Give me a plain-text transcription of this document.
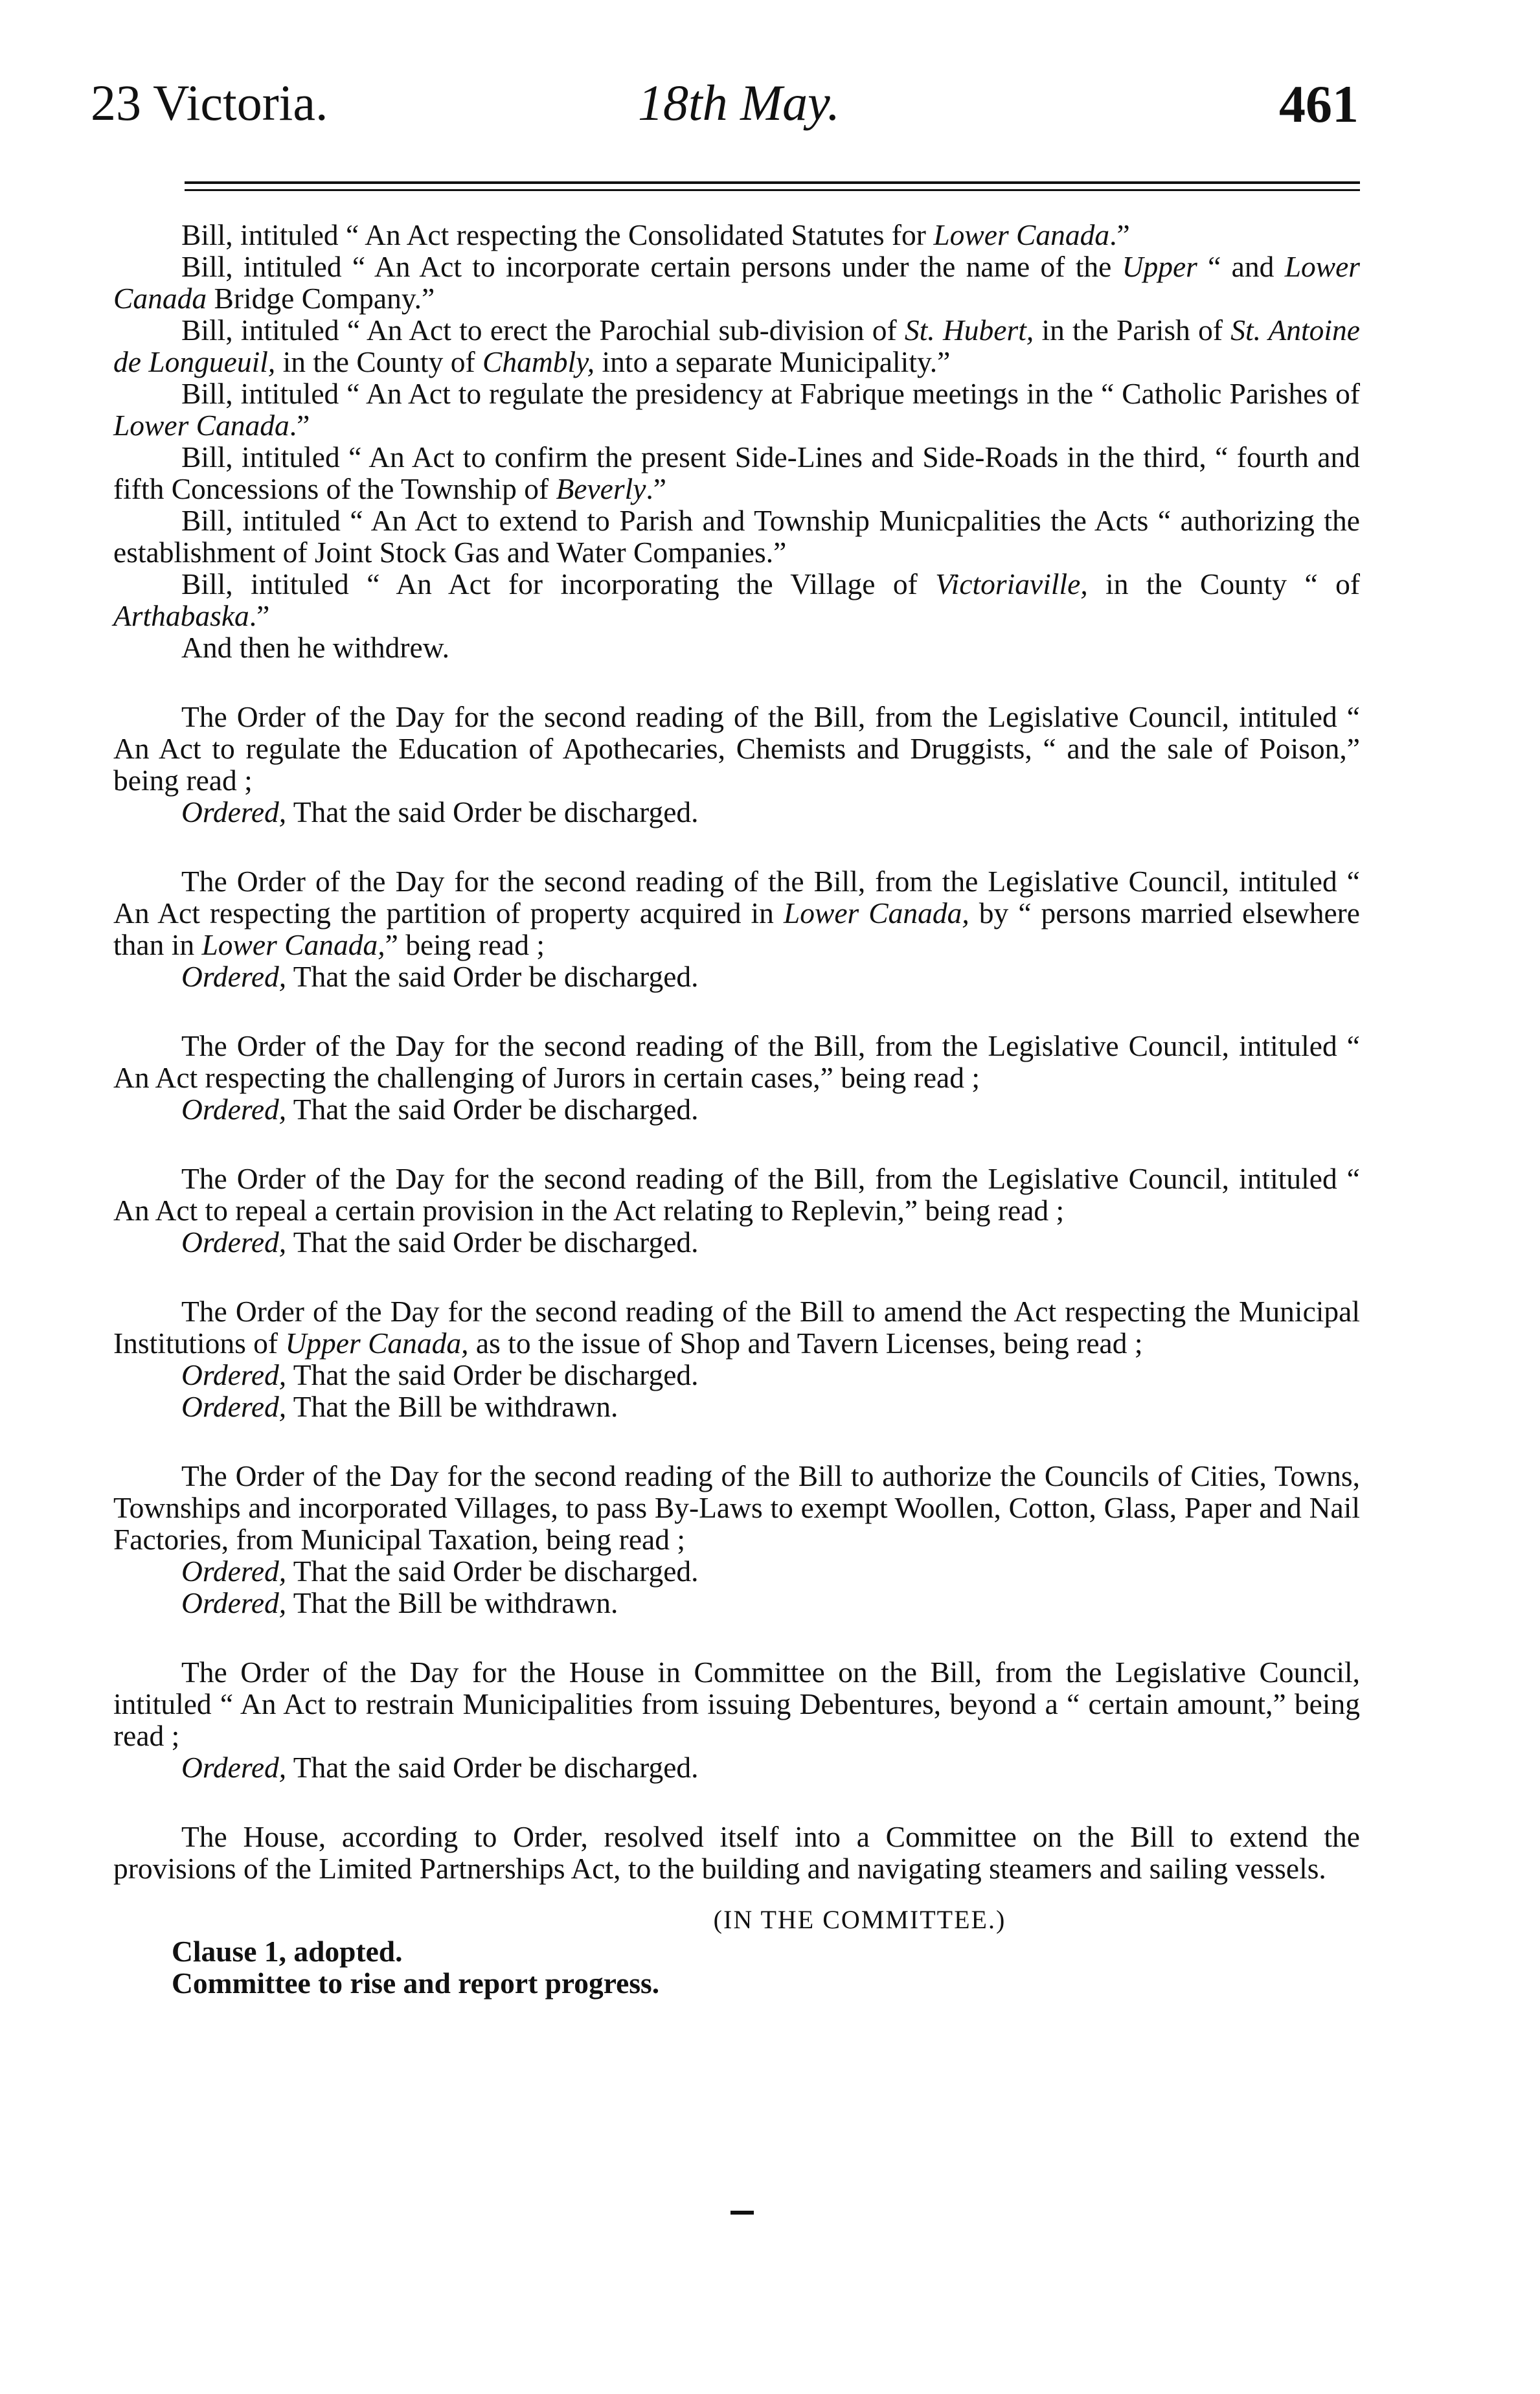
23 Victoria.	18th May.	461

Bill, intituled “ An Act respecting the Consolidated Statutes for Lower Canada.”

Bill, intituled “ An Act to incorporate certain persons under the name of the Upper “ and Lower Canada Bridge Company.”

Bill, intituled “ An Act to erect the Parochial sub-division of St. Hubert, in the Parish of St. Antoine de Longueuil, in the County of Chambly, into a separate Municipality.”

Bill, intituled “ An Act to regulate the presidency at Fabrique meetings in the “ Catholic Parishes of Lower Canada.”

Bill, intituled “ An Act to confirm the present Side-Lines and Side-Roads in the third, “ fourth and fifth Concessions of the Township of Beverly.”

Bill, intituled “ An Act to extend to Parish and Township Municpalities the Acts “ authorizing the establishment of Joint Stock Gas and Water Companies.”

Bill, intituled “ An Act for incorporating the Village of Victoriaville, in the County “ of Arthabaska.”

And then he withdrew.

The Order of the Day for the second reading of the Bill, from the Legislative Council, intituled “ An Act to regulate the Education of Apothecaries, Chemists and Druggists, “ and the sale of Poison,” being read ;

Ordered, That the said Order be discharged.

The Order of the Day for the second reading of the Bill, from the Legislative Council, intituled “ An Act respecting the partition of property acquired in Lower Canada, by “ persons married elsewhere than in Lower Canada,” being read ;

Ordered, That the said Order be discharged.

The Order of the Day for the second reading of the Bill, from the Legislative Council, intituled “ An Act respecting the challenging of Jurors in certain cases,” being read ;

Ordered, That the said Order be discharged.

The Order of the Day for the second reading of the Bill, from the Legislative Council, intituled “ An Act to repeal a certain provision in the Act relating to Replevin,” being read ;

Ordered, That the said Order be discharged.

The Order of the Day for the second reading of the Bill to amend the Act respecting the Municipal Institutions of Upper Canada, as to the issue of Shop and Tavern Licenses, being read ;

Ordered, That the said Order be discharged.

Ordered, That the Bill be withdrawn.

The Order of the Day for the second reading of the Bill to authorize the Councils of Cities, Towns, Townships and incorporated Villages, to pass By-Laws to exempt Woollen, Cotton, Glass, Paper and Nail Factories, from Municipal Taxation, being read ;

Ordered, That the said Order be discharged.

Ordered, That the Bill be withdrawn.

The Order of the Day for the House in Committee on the Bill, from the Legislative Council, intituled “ An Act to restrain Municipalities from issuing Debentures, beyond a “ certain amount,” being read ;

Ordered, That the said Order be discharged.

The House, according to Order, resolved itself into a Committee on the Bill to extend the provisions of the Limited Partnerships Act, to the building and navigating steamers and sailing vessels.

(IN THE COMMITTEE.)

Clause 1, adopted.

Committee to rise and report progress.
